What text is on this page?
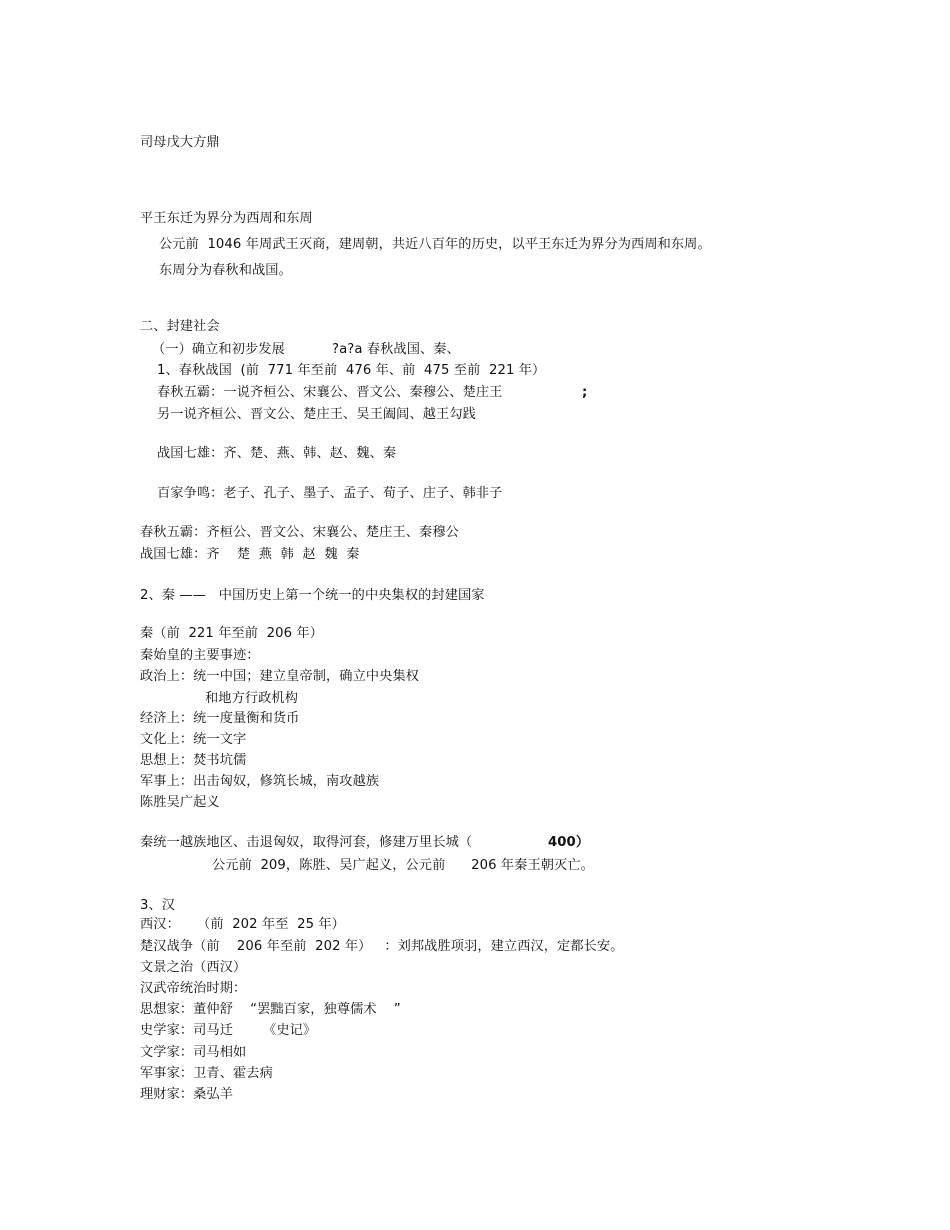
司母戊大方鼎
平王东迁为界分为西周和东周
公元前  1046 年周武王灭商，建周朝，共近八百年的历史，以平王东迁为界分为西周和东周。
东周分为春秋和战国。
二、封建社会
（一）确立和初步发展	?a?a 春秋战国、秦、
1、春秋战国  (前  771 年至前  476 年、前  475 至前  221 年）
春秋五霸：一说齐桓公、宋襄公、晋文公、秦穆公、楚庄王	;
另一说齐桓公、晋文公、楚庄王、吴王阖闾、越王勾践
战国七雄：齐、楚、燕、韩、赵、魏、秦
百家争鸣：老子、孔子、墨子、孟子、荀子、庄子、韩非子
春秋五霸：齐桓公、晋文公、宋襄公、楚庄王、秦穆公
战国七雄：齐    楚  燕  韩  赵  魏  秦
2、秦 ——   中国历史上第一个统一的中央集权的封建国家
秦（前  221 年至前  206 年）
秦始皇的主要事迹：
政治上：统一中国；建立皇帝制，确立中央集权
和地方行政机构
经济上：统一度量衡和货币
文化上：统一文字
思想上：焚书坑儒
军事上：出击匈奴，修筑长城，南攻越族
陈胜吴广起义
秦统一越族地区、击退匈奴，取得河套，修建万里长城（	400）
公元前  209，陈胜、吴广起义，公元前      206 年秦王朝灭亡。
3、汉
西汉：    （前  202 年至  25 年）
楚汉战争（前    206 年至前  202 年）   ：刘邦战胜项羽，建立西汉，定都长安。
文景之治（西汉）
汉武帝统治时期：
思想家：董仲舒    “罢黜百家，独尊儒术    ”
史学家：司马迁       《史记》
文学家：司马相如
军事家：卫青、霍去病
理财家：桑弘羊
